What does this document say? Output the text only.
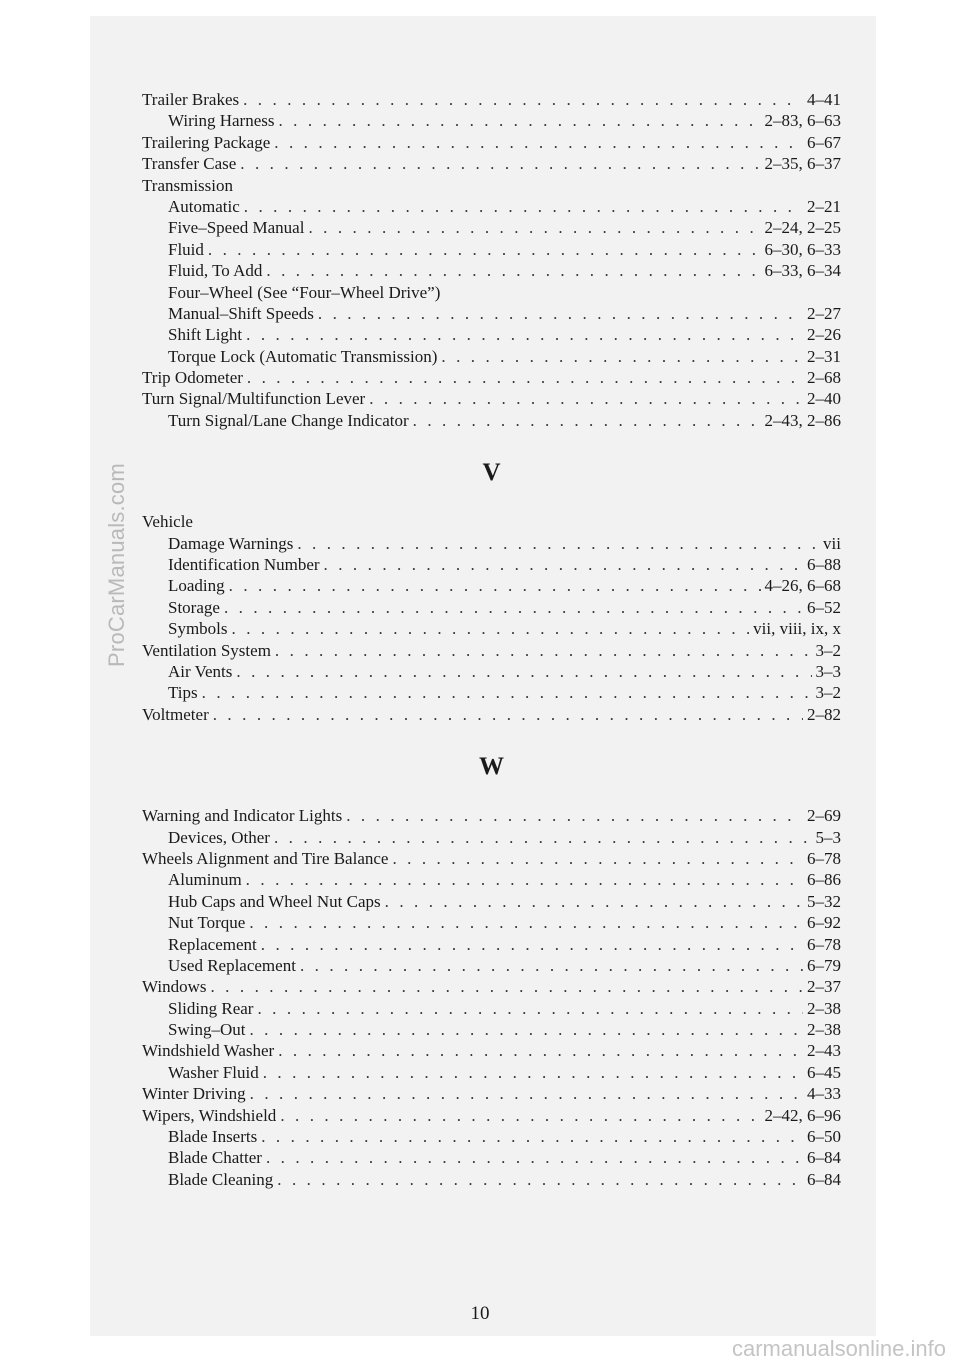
ProCarManuals.com
Trailer Brakes . . .	4–41
Wiring Harness . . .	2–83, 6–63
Trailering Package . . .	6–67
Transfer Case . . .	2–35, 6–37
Transmission
Automatic . . .	2–21
Five–Speed Manual . . .	2–24, 2–25
Fluid . . .	6–30, 6–33
Fluid, To Add . . .	6–33, 6–34
Four–Wheel (See “Four–Wheel Drive”)
Manual–Shift Speeds . . .	2–27
Shift Light . . .	2–26
Torque Lock (Automatic Transmission) . . .	2–31
Trip Odometer . . .	2–68
Turn Signal/Multifunction Lever . . .	2–40
Turn Signal/Lane Change Indicator . . .	2–43, 2–86
V
Vehicle
Damage Warnings . . .	vii
Identification Number . . .	6–88
Loading . . .	4–26, 6–68
Storage . . .	6–52
Symbols . . .	vii, viii, ix, x
Ventilation System . . .	3–2
Air Vents . . .	3–3
Tips . . .	3–2
Voltmeter . . .	2–82
W
Warning and Indicator Lights . . .	2–69
Devices, Other . . .	5–3
Wheels Alignment and Tire Balance . . .	6–78
Aluminum . . .	6–86
Hub Caps and Wheel Nut Caps . . .	5–32
Nut Torque . . .	6–92
Replacement . . .	6–78
Used Replacement . . .	6–79
Windows . . .	2–37
Sliding Rear . . .	2–38
Swing–Out . . .	2–38
Windshield Washer . . .	2–43
Washer Fluid . . .	6–45
Winter Driving . . .	4–33
Wipers, Windshield . . .	2–42, 6–96
Blade Inserts . . .	6–50
Blade Chatter . . .	6–84
Blade Cleaning . . .	6–84
10
carmanualsonline.info
